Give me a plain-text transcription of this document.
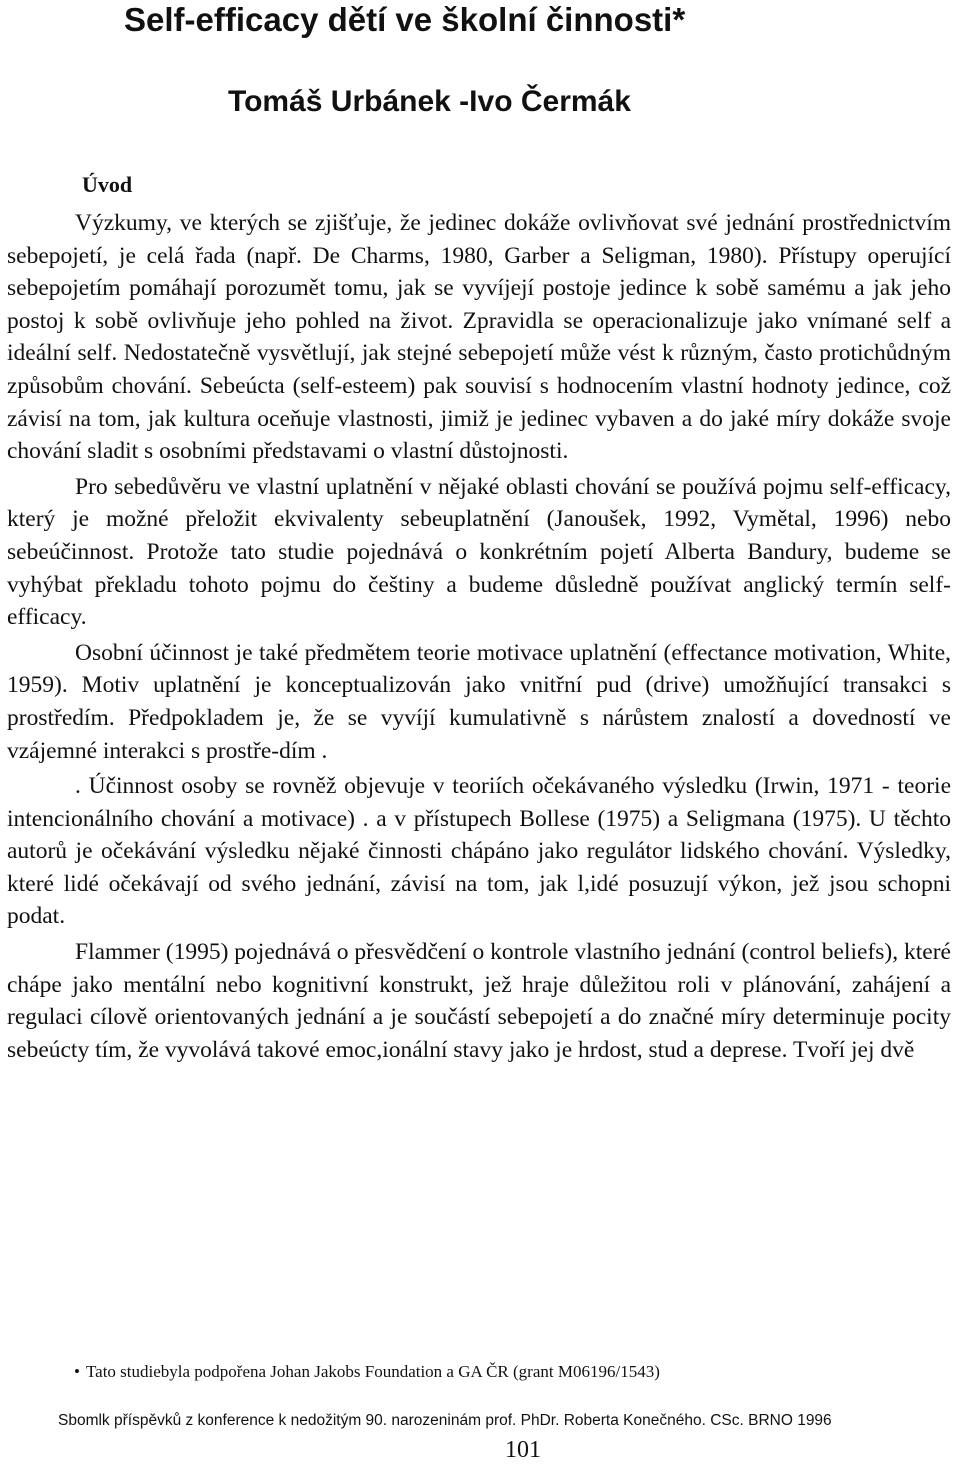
Self-efficacy dětí ve školní činnosti*
Tomáš Urbánek -Ivo Čermák
Úvod

Výzkumy, ve kterých se zjišťuje, že jedinec dokáže ovlivňovat své jednání prostřednictvím sebepojetí, je celá řada (např. De Charms, 1980, Garber a Seligman, 1980). Přístupy operující sebepojetím pomáhají porozumět tomu, jak se vyvíjejí postoje jedince k sobě samému a jak jeho postoj k sobě ovlivňuje jeho pohled na život. Zpravidla se operacionalizuje jako vnímané self a ideální self. Nedostatečně vysvětlují, jak stejné sebepojetí může vést k různým, často protichůdným způsobům chování. Sebeúcta (self-esteem) pak souvisí s hodnocením vlastní hodnoty jedince, což závisí na tom, jak kultura oceňuje vlastnosti, jimiž je jedinec vybaven a do jaké míry dokáže svoje chování sladit s osobními představami o vlastní důstojnosti.

Pro sebedůvěru ve vlastní uplatnění v nějaké oblasti chování se používá pojmu self-efficacy, který je možné přeložit ekvivalenty sebeuplatnění (Janoušek, 1992, Vymětal, 1996) nebo sebeúčinnost. Protože tato studie pojednává o konkrétním pojetí Alberta Bandury, budeme se vyhýbat překladu tohoto pojmu do češtiny a budeme důsledně používat anglický termín self-efficacy.

Osobní účinnost je také předmětem teorie motivace uplatnění (effectance motivation, White, 1959). Motiv uplatnění je konceptualizován jako vnitřní pud (drive) umožňující transakci s prostředím. Předpokladem je, že se vyvíjí kumulativně s nárůstem znalostí a dovedností ve vzájemné interakci s prostře-dím .

. Účinnost osoby se rovněž objevuje v teoriích očekávaného výsledku (Irwin, 1971 - teorie intencionálního chování a motivace) . a v přístupech Bollese (1975) a Seligmana (1975). U těchto autorů je očekávání výsledku nějaké činnosti chápáno jako regulátor lidského chování. Výsledky, které lidé očekávají od svého jednání, závisí na tom, jak l,idé posuzují výkon, jež jsou schopni podat.

Flammer (1995) pojednává o přesvědčení o kontrole vlastního jednání (control beliefs), které chápe jako mentální nebo kognitivní konstrukt, jež hraje důležitou roli v plánování, zahájení a regulaci cílově orientovaných jednání a je součástí sebepojetí a do značné míry determinuje pocity sebeúcty tím, že vyvolává takové emoc,ionální stavy jako je hrdost, stud a deprese. Tvoří jej dvě

• Tato studiebyla podpořena Johan Jakobs Foundation a GA ČR (grant M06196/1543)
Sbomlk příspěvků z konference k nedožitým 90. narozeninám prof. PhDr. Roberta Konečného. CSc. BRNO 1996
101
